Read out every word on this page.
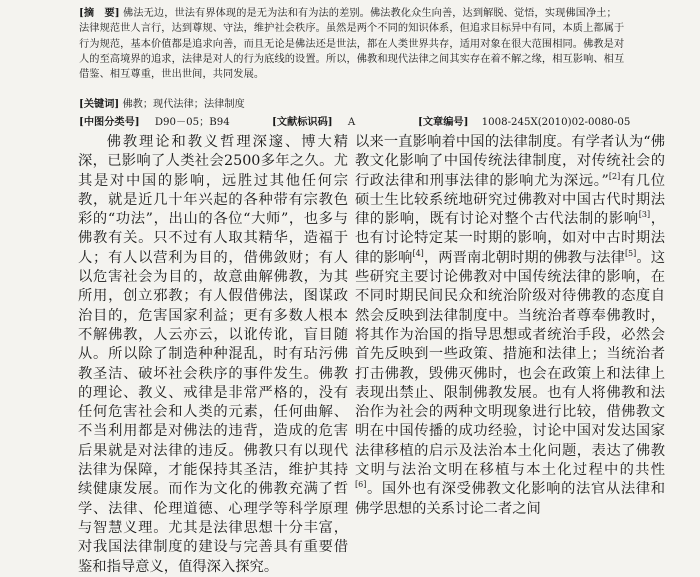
[摘　要] 佛法无边，世法有界体现的是无为法和有为法的差别。佛法教化众生向善，达到解脱、觉悟，实现佛国净土；法律规范世人言行，达到尊规、守法，维护社会秩序。虽然是两个不同的知识体系，但追求目标异中有同，本质上都属于行为规范，基本价值都是追求向善，而且无论是佛法还是世法，都在人类世界共存，适用对象在很大范围相同。佛教是对人的至高境界的追求，法律是对人的行为底线的设置。所以，佛教和现代法律之间其实存在着不解之缘，相互影响、相互借鉴、相互尊重，世出世间，共同发展。
[关键词] 佛教；现代法律；法律制度
[中图分类号] D90－05；B94	[文献标识码] A	[文章编号] 1008-245X(2010)02-0080-05

佛教理论和教义哲理深邃、博大精深，已影响了人类社会2500多年之久。尤其是对中国的影响，远胜过其他任何宗教，就是近几十年兴起的各种带有宗教色彩的“功法”，出山的各位“大师”，也多与佛教有关。只不过有人取其精华，造福于人；有人以营利为目的，借佛敛财；有人以危害社会为目的，故意曲解佛教，为其所用，创立邪教；有人假借佛法，图谋政治目的，危害国家利益；更有多数人根本不解佛教，人云亦云，以讹传讹，盲目随从。所以除了制造种种混乱，时有玷污佛教圣洁、破坏社会秩序的事件发生。佛教的理论、教义、戒律是非常严格的，没有任何危害社会和人类的元素，任何曲解、不当利用都是对佛法的违背，造成的危害后果就是对法律的违反。佛教只有以现代法律为保障，才能保持其圣洁，维护其持续健康发展。而作为文化的佛教充满了哲学、法律、伦理道德、心理学等科学原理与智慧义理。尤其是法律思想十分丰富，对我国法律制度的建设与完善具有重要借鉴和指导意义，值得深入探究。

以来一直影响着中国的法律制度。有学者认为“佛教文化影响了中国传统法律制度，对传统社会的行政法律和刑事法律的影响尤为深远。”[2]有几位硕士生比较系统地研究过佛教对中国古代时期法律的影响，既有讨论对整个古代法制的影响[3]，也有讨论特定某一时期的影响，如对中古时期法律的影响[4]，两晋南北朝时期的佛教与法律[5]。这些研究主要讨论佛教对中国传统法律的影响，在不同时期民间民众和统治阶级对待佛教的态度自然会反映到法律制度中。当统治者尊奉佛教时，将其作为治国的指导思想或者统治手段，必然会首先反映到一些政策、措施和法律上；当统治者打击佛教，毁佛灭佛时，也会在政策上和法律上表现出禁止、限制佛教发展。也有人将佛教和法治作为社会的两种文明现象进行比较，借佛教文明在中国传播的成功经验，讨论中国对发达国家法律移植的启示及法治本土化问题，表达了佛教文明与法治文明在移植与本土化过程中的共性[6]。国外也有深受佛教文化影响的法官从法律和佛学思想的关系讨论二者之间
